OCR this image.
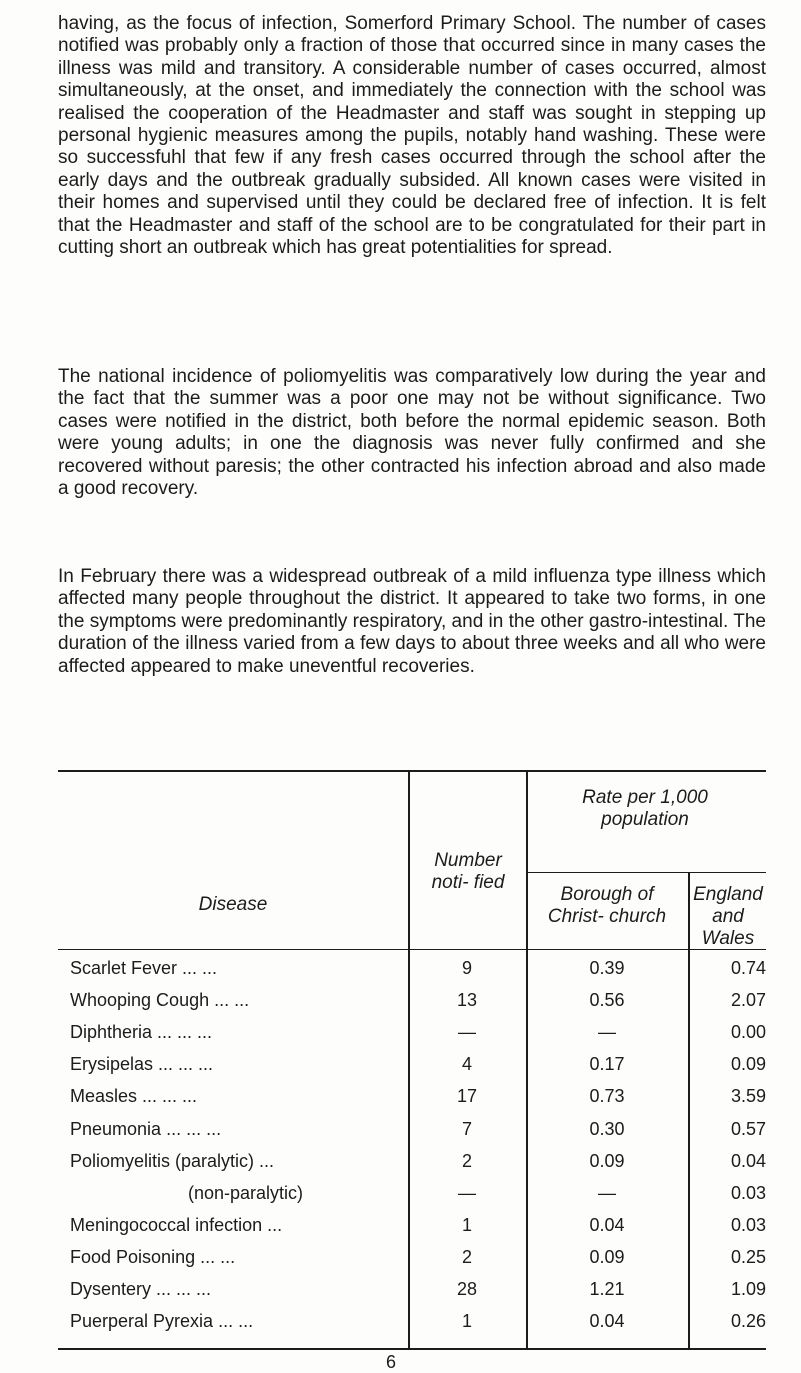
having, as the focus of infection, Somerford Primary School. The number of cases notified was probably only a fraction of those that occurred since in many cases the illness was mild and transitory. A considerable number of cases occurred, almost simultaneously, at the onset, and immediately the connection with the school was realised the cooperation of the Headmaster and staff was sought in stepping up personal hygienic measures among the pupils, notably hand washing. These were so successfuhl that few if any fresh cases occurred through the school after the early days and the outbreak gradually subsided. All known cases were visited in their homes and supervised until they could be declared free of infection. It is felt that the Headmaster and staff of the school are to be congratulated for their part in cutting short an outbreak which has great potentialities for spread.

The national incidence of poliomyelitis was comparatively low during the year and the fact that the summer was a poor one may not be without significance. Two cases were notified in the district, both before the normal epidemic season. Both were young adults; in one the diagnosis was never fully confirmed and she recovered without paresis; the other contracted his infection abroad and also made a good recovery.

In February there was a widespread outbreak of a mild influenza type illness which affected many people throughout the district. It appeared to take two forms, in one the symptoms were predominantly respiratory, and in the other gastro-intestinal. The duration of the illness varied from a few days to about three weeks and all who were affected appeared to make uneventful recoveries.

Disease
Number noti- fied
Rate per 1,000 population
Borough of Christ- church
England and Wales
Scarlet Fever ... ...	9	0.39	0.74
Whooping Cough ... ...	13	0.56	2.07
Diphtheria ... ... ...	—	—	0.00
Erysipelas ... ... ...	4	0.17	0.09
Measles ... ... ...	17	0.73	3.59
Pneumonia ... ... ...	7	0.30	0.57
Poliomyelitis (paralytic) ...	2	0.09	0.04
(non-paralytic)	—	—	0.03
Meningococcal infection ...	1	0.04	0.03
Food Poisoning ... ...	2	0.09	0.25
Dysentery ... ... ...	28	1.21	1.09
Puerperal Pyrexia ... ...	1	0.04	0.26
6
